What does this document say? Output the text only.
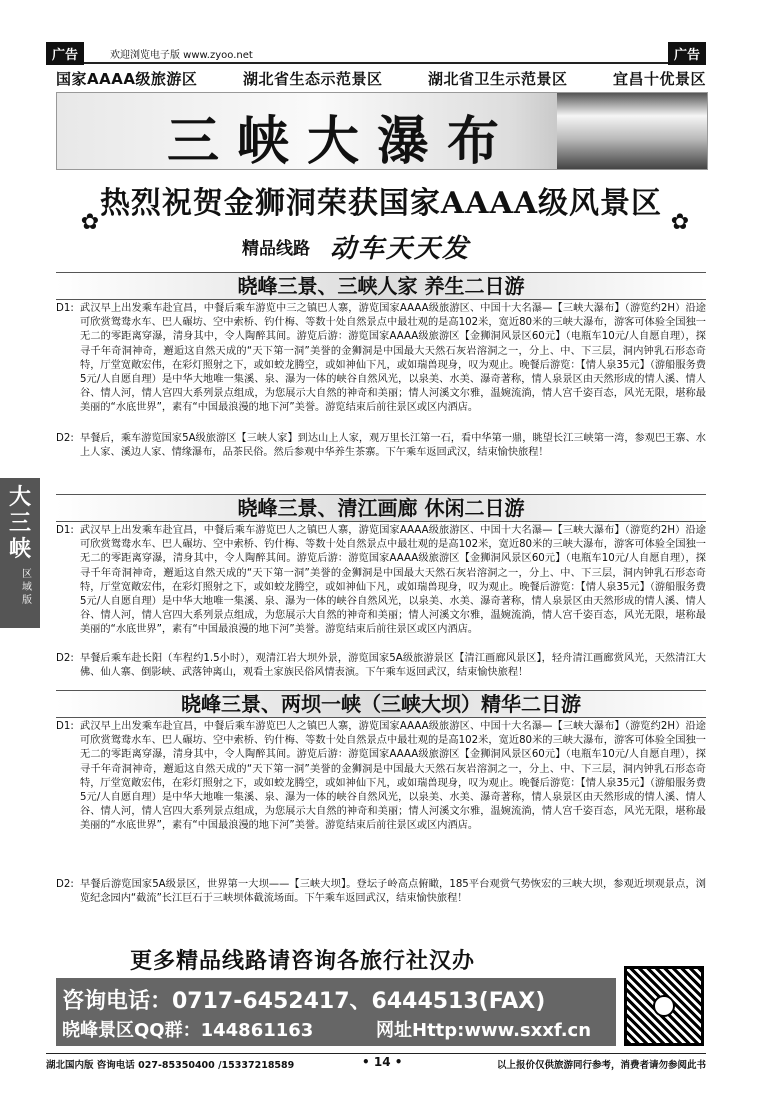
广告	欢迎浏览电子版 www.zyoo.net	广告
国家AAAA级旅游区	湖北省生态示范景区	湖北省卫生示范景区	宜昌十优景区
三峡大瀑布
热烈祝贺金狮洞荣获国家AAAA级风景区
✿	✿
精品线路 动车天天发
晓峰三景、三峡人家 养生二日游
D1: 武汉早上出发乘车赴宜昌，中餐后乘车游览中三之镇巴人寨，游览国家AAAA级旅游区、中国十大名瀑—【三峡大瀑布】（游览约2H）沿途可欣赏鸳鸯水车、巴人碾坊、空中索桥、钓什梅、等数十处自然景点中最壮观的是高102米，宽近80米的三峡大瀑布，游客可体验全国独一无二的零距离穿瀑，清身其中，令人陶醉其间。游览后游：游览国家AAAA级旅游区【金狮洞风景区60元】（电瓶车10元/人自愿自理），探寻千年奇洞神奇，邂逅这自然天成的“天下第一洞”美誉的金狮洞是中国最大天然石灰岩溶洞之一，分上、中、下三层，洞内钟乳石形态奇特，厅堂宽敞宏伟，在彩灯照射之下，或如蛟龙腾空，或如神仙下凡，或如瑞兽现身，叹为观止。晚餐后游览：【情人泉35元】（游船服务费5元/人自愿自理）是中华大地唯一集溪、泉、瀑为一体的峡谷自然风光，以泉美、水美、瀑奇著称，情人泉景区由天然形成的情人溪、情人谷、情人河，情人宫四大系列景点组成，为您展示大自然的神奇和美丽；情人河溪文尔雅，温婉流淌，情人宫千姿百态，风光无限，堪称最美丽的“水底世界”，素有“中国最浪漫的地下河”美誉。游览结束后前往景区或区内酒店。
D2: 早餐后，乘车游览国家5A级旅游区【三峡人家】到达山上人家，观万里长江第一石，看中华第一鼎，眺望长江三峡第一湾，参观巴王寨、水上人家、溪边人家、情缘瀑布，品茶民俗。然后参观中华养生茶寨。下午乘车返回武汉，结束愉快旅程！
晓峰三景、清江画廊 休闲二日游
D1: 武汉早上出发乘车赴宜昌，中餐后乘车游览巴人之镇巴人寨，游览国家AAAA级旅游区、中国十大名瀑—【三峡大瀑布】（游览约2H）沿途可欣赏鸳鸯水车、巴人碾坊、空中索桥、钓什梅、等数十处自然景点中最壮观的是高102米，宽近80米的三峡大瀑布，游客可体验全国独一无二的零距离穿瀑，清身其中，令人陶醉其间。游览后游：游览国家AAAA级旅游区【金狮洞风景区60元】（电瓶车10元/人自愿自理），探寻千年奇洞神奇，邂逅这自然天成的“天下第一洞”美誉的金狮洞是中国最大天然石灰岩溶洞之一，分上、中、下三层，洞内钟乳石形态奇特，厅堂宽敞宏伟，在彩灯照射之下，或如蛟龙腾空，或如神仙下凡，或如瑞兽现身，叹为观止。晚餐后游览：【情人泉35元】（游船服务费5元/人自愿自理）是中华大地唯一集溪、泉、瀑为一体的峡谷自然风光，以泉美、水美、瀑奇著称，情人泉景区由天然形成的情人溪、情人谷、情人河，情人宫四大系列景点组成，为您展示大自然的神奇和美丽；情人河溪文尔雅，温婉流淌，情人宫千姿百态，风光无限，堪称最美丽的“水底世界”，素有“中国最浪漫的地下河”美誉。游览结束后前往景区或区内酒店。
D2: 早餐后乘车赴长阳（车程约1.5小时），观清江岩大坝外景，游览国家5A级旅游景区【清江画廊风景区】，轻舟清江画廊赏风光，天然清江大佛、仙人寨、倒影峡、武落钟离山，观看土家族民俗风情表演。下午乘车返回武汉，结束愉快旅程！
晓峰三景、两坝一峡（三峡大坝）精华二日游
D1: 武汉早上出发乘车赴宜昌，中餐后乘车游览巴人之镇巴人寨，游览国家AAAA级旅游区、中国十大名瀑—【三峡大瀑布】（游览约2H）沿途可欣赏鸳鸯水车、巴人碾坊、空中索桥、钓什梅、等数十处自然景点中最壮观的是高102米，宽近80米的三峡大瀑布，游客可体验全国独一无二的零距离穿瀑，清身其中，令人陶醉其间。游览后游：游览国家AAAA级旅游区【金狮洞风景区60元】（电瓶车10元/人自愿自理），探寻千年奇洞神奇，邂逅这自然天成的“天下第一洞”美誉的金狮洞是中国最大天然石灰岩溶洞之一，分上、中、下三层，洞内钟乳石形态奇特，厅堂宽敞宏伟，在彩灯照射之下，或如蛟龙腾空，或如神仙下凡，或如瑞兽现身，叹为观止。晚餐后游览：【情人泉35元】（游船服务费5元/人自愿自理）是中华大地唯一集溪、泉、瀑为一体的峡谷自然风光，以泉美、水美、瀑奇著称，情人泉景区由天然形成的情人溪、情人谷、情人河，情人宫四大系列景点组成，为您展示大自然的神奇和美丽；情人河溪文尔雅，温婉流淌，情人宫千姿百态，风光无限，堪称最美丽的“水底世界”，素有“中国最浪漫的地下河”美誉。游览结束后前往景区或区内酒店。
D2: 早餐后游览国家5A级景区，世界第一大坝——【三峡大坝】。登坛子岭高点俯瞰，185平台观赏气势恢宏的三峡大坝，参观近坝观景点，浏览纪念园内“截流”长江巨石于三峡坝体截流场面。下午乘车返回武汉，结束愉快旅程！
大三峡
区域版
更多精品线路请咨询各旅行社汉办
咨询电话：0717-6452417、6444513(FAX)
晓峰景区QQ群：144861163	网址Http:www.sxxf.cn
湖北国内版 咨询电话 027-85350400 /15337218589	• 14 •	以上报价仅供旅游同行参考，消费者请勿参阅此书
